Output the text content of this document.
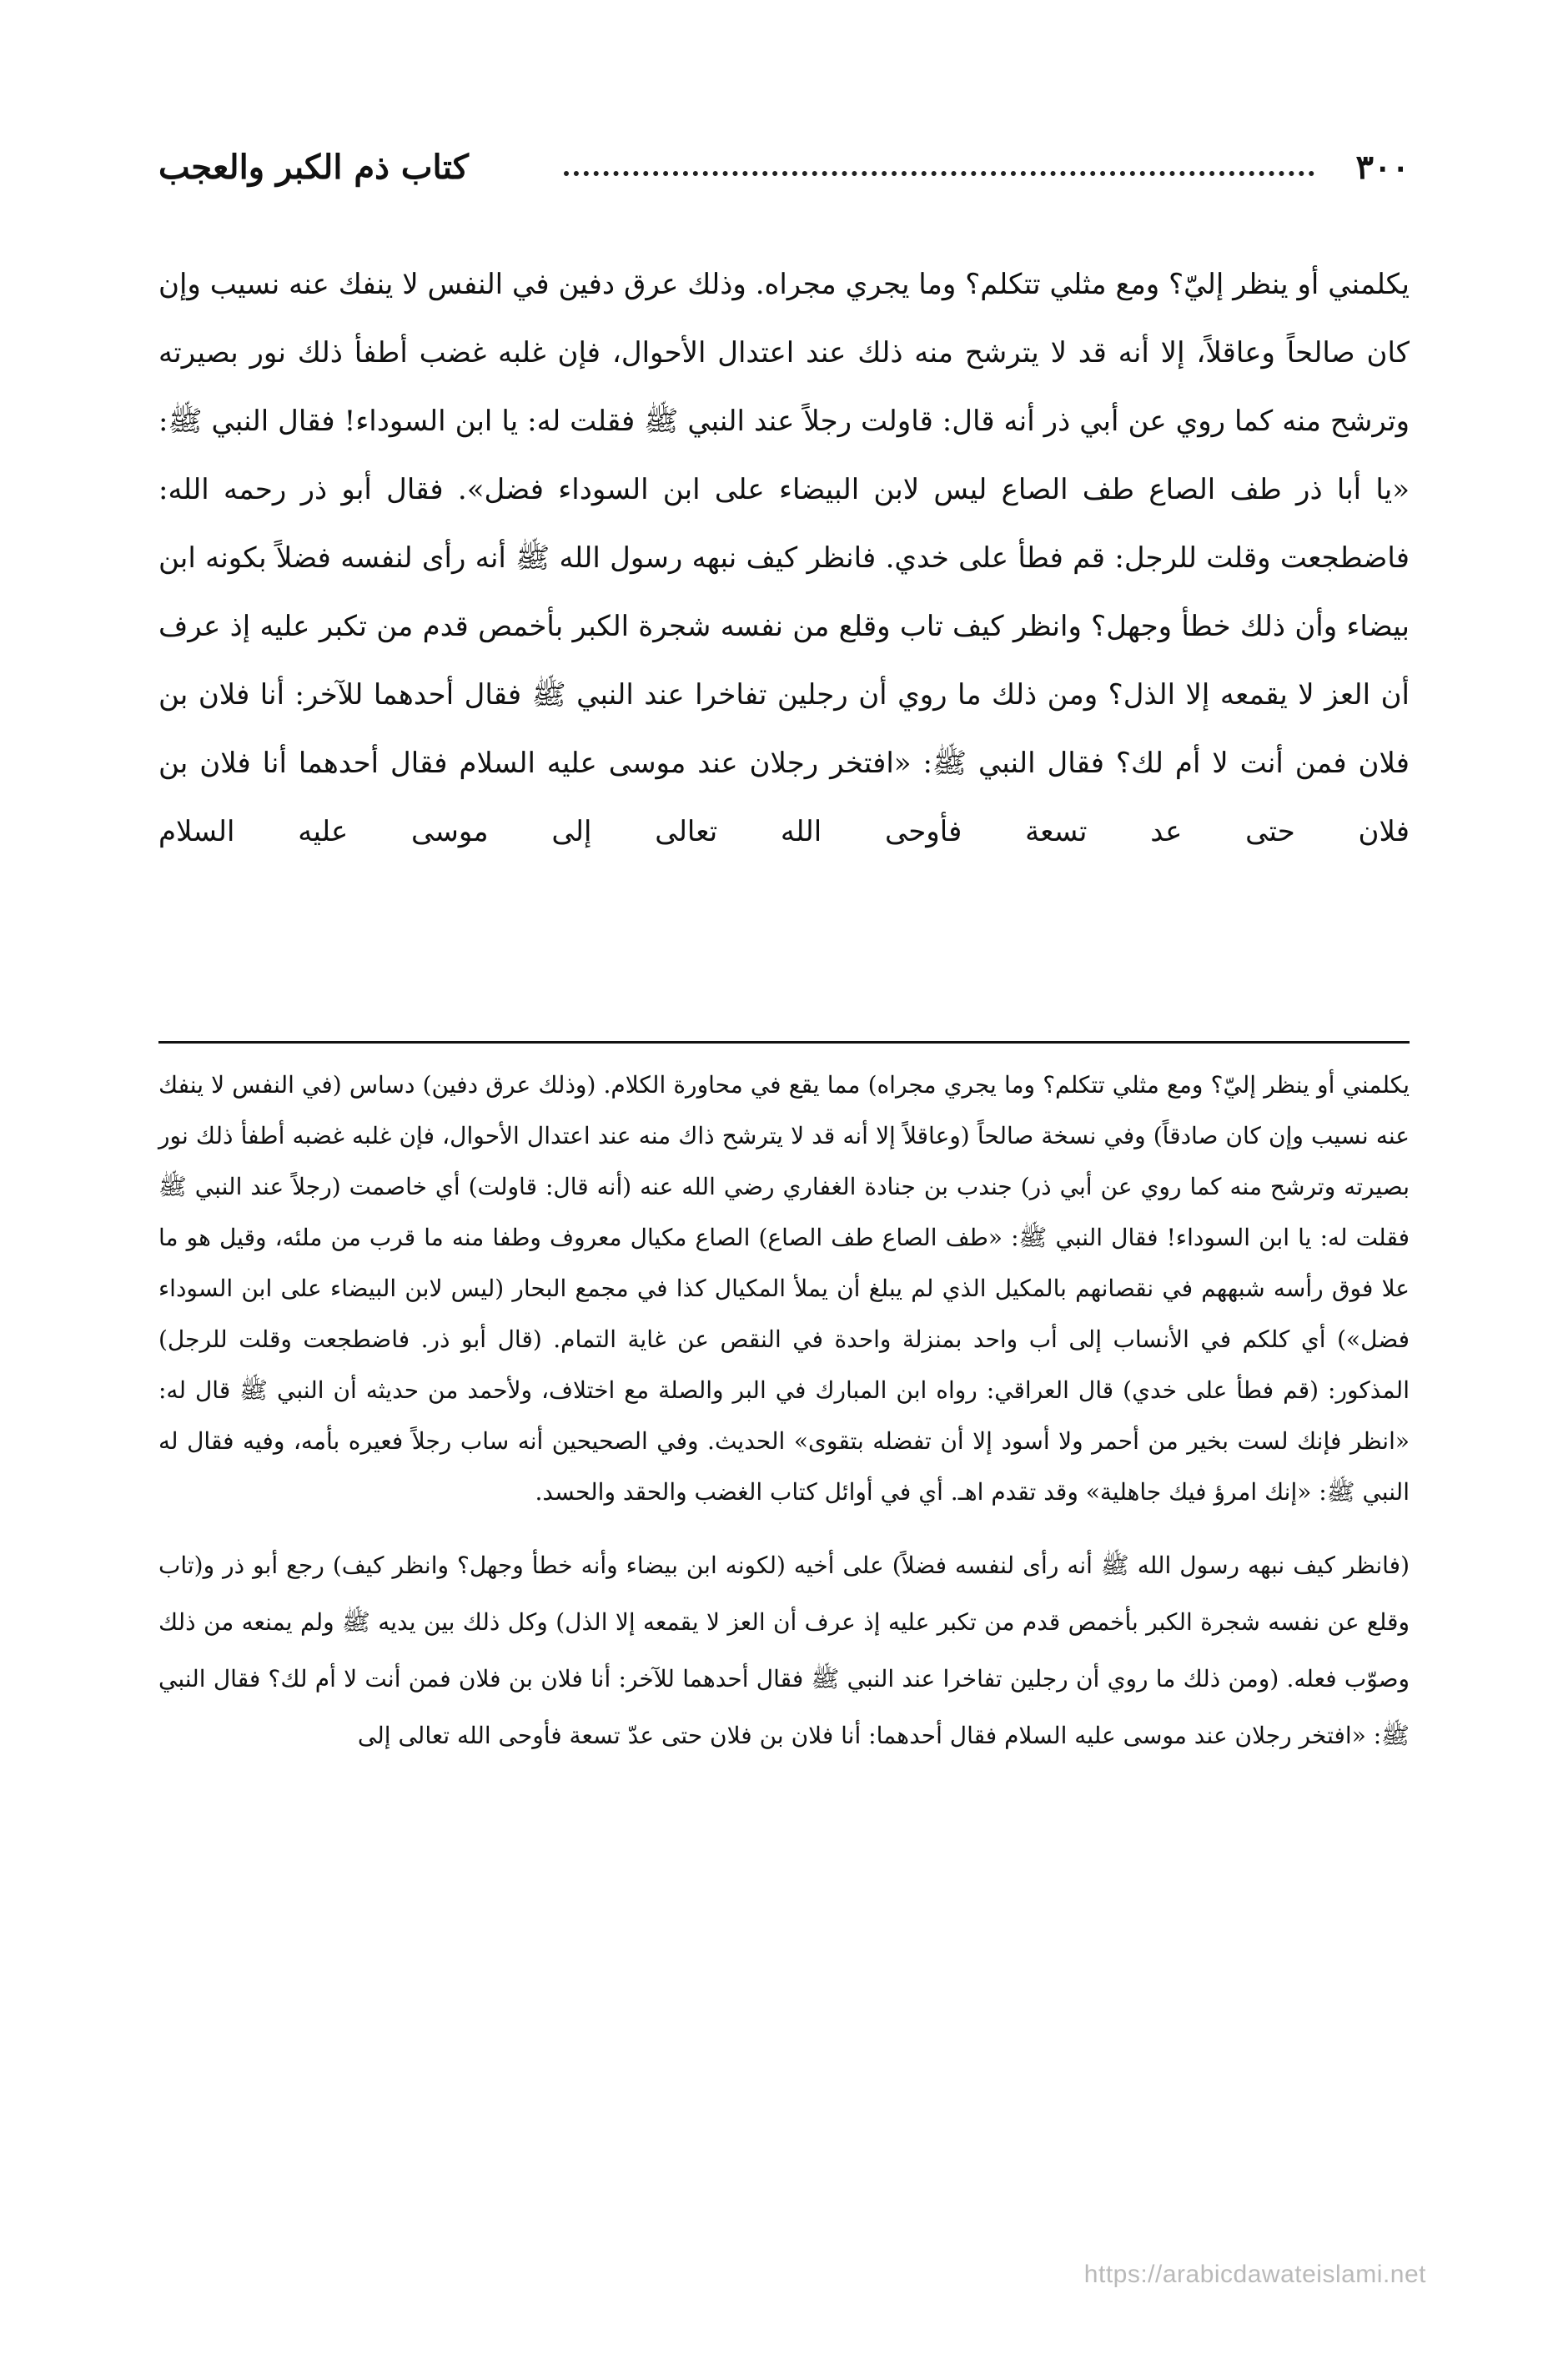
٣٠٠
كتاب ذم الكبر والعجب

يكلمني أو ينظر إليّ؟ ومع مثلي تتكلم؟ وما يجري مجراه. وذلك عرق دفين في النفس لا ينفك عنه نسيب وإن كان صالحاً وعاقلاً، إلا أنه قد لا يترشح منه ذلك عند اعتدال الأحوال، فإن غلبه غضب أطفأ ذلك نور بصيرته وترشح منه كما روي عن أبي ذر أنه قال: قاولت رجلاً عند النبي ﷺ فقلت له: يا ابن السوداء! فقال النبي ﷺ: «يا أبا ذر طف الصاع طف الصاع ليس لابن البيضاء على ابن السوداء فضل». فقال أبو ذر رحمه الله: فاضطجعت وقلت للرجل: قم فطأ على خدي. فانظر كيف نبهه رسول الله ﷺ أنه رأى لنفسه فضلاً بكونه ابن بيضاء وأن ذلك خطأ وجهل؟ وانظر كيف تاب وقلع من نفسه شجرة الكبر بأخمص قدم من تكبر عليه إذ عرف أن العز لا يقمعه إلا الذل؟ ومن ذلك ما روي أن رجلين تفاخرا عند النبي ﷺ فقال أحدهما للآخر: أنا فلان بن فلان فمن أنت لا أم لك؟ فقال النبي ﷺ: «افتخر رجلان عند موسى عليه السلام فقال أحدهما أنا فلان بن فلان حتى عد تسعة فأوحى الله تعالى إلى موسى عليه السلام

يكلمني أو ينظر إليّ؟ ومع مثلي تتكلم؟ وما يجري مجراه) مما يقع في محاورة الكلام. (وذلك عرق دفين) دساس (في النفس لا ينفك عنه نسيب وإن كان صادقاً) وفي نسخة صالحاً (وعاقلاً إلا أنه قد لا يترشح ذاك منه عند اعتدال الأحوال، فإن غلبه غضبه أطفأ ذلك نور بصيرته وترشح منه كما روي عن أبي ذر) جندب بن جنادة الغفاري رضي الله عنه (أنه قال: قاولت) أي خاصمت (رجلاً عند النبي ﷺ فقلت له: يا ابن السوداء! فقال النبي ﷺ: «طف الصاع طف الصاع) الصاع مكيال معروف وطفا منه ما قرب من ملئه، وقيل هو ما علا فوق رأسه شبههم في نقصانهم بالمكيل الذي لم يبلغ أن يملأ المكيال كذا في مجمع البحار (ليس لابن البيضاء على ابن السوداء فضل») أي كلكم في الأنساب إلى أب واحد بمنزلة واحدة في النقص عن غاية التمام. (قال أبو ذر. فاضطجعت وقلت للرجل) المذكور: (قم فطأ على خدي) قال العراقي: رواه ابن المبارك في البر والصلة مع اختلاف، ولأحمد من حديثه أن النبي ﷺ قال له: «انظر فإنك لست بخير من أحمر ولا أسود إلا أن تفضله بتقوى» الحديث. وفي الصحيحين أنه ساب رجلاً فعيره بأمه، وفيه فقال له النبي ﷺ: «إنك امرؤ فيك جاهلية» وقد تقدم اهـ. أي في أوائل كتاب الغضب والحقد والحسد.

(فانظر كيف نبهه رسول الله ﷺ أنه رأى لنفسه فضلاً) على أخيه (لكونه ابن بيضاء وأنه خطأ وجهل؟ وانظر كيف) رجع أبو ذر و(تاب وقلع عن نفسه شجرة الكبر بأخمص قدم من تكبر عليه إذ عرف أن العز لا يقمعه إلا الذل) وكل ذلك بين يديه ﷺ ولم يمنعه من ذلك وصوّب فعله. (ومن ذلك ما روي أن رجلين تفاخرا عند النبي ﷺ فقال أحدهما للآخر: أنا فلان بن فلان فمن أنت لا أم لك؟ فقال النبي ﷺ: «افتخر رجلان عند موسى عليه السلام فقال أحدهما: أنا فلان بن فلان حتى عدّ تسعة فأوحى الله تعالى إلى

https://arabicdawateislami.net
